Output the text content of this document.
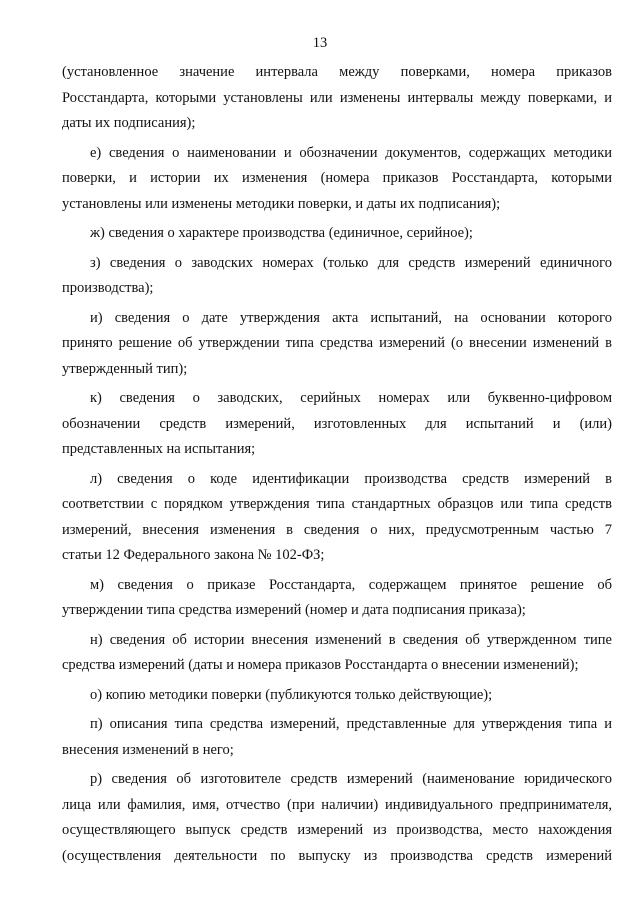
13
(установленное значение интервала между поверками, номера приказов
Росстандарта, которыми установлены или изменены интервалы между поверками, и
даты их подписания);
е) сведения о наименовании и обозначении документов, содержащих методики
поверки, и истории их изменения (номера приказов Росстандарта, которыми
установлены или изменены методики поверки, и даты их подписания);
ж) сведения о характере производства (единичное, серийное);
з) сведения о заводских номерах (только для средств измерений единичного
производства);
и) сведения о дате утверждения акта испытаний, на основании которого
принято решение об утверждении типа средства измерений (о внесении изменений в
утвержденный тип);
к) сведения о заводских, серийных номерах или буквенно-цифровом
обозначении средств измерений, изготовленных для испытаний и (или)
представленных на испытания;
л) сведения о коде идентификации производства средств измерений в
соответствии с порядком утверждения типа стандартных образцов или типа средств
измерений, внесения изменения в сведения о них, предусмотренным частью 7
статьи 12 Федерального закона № 102-ФЗ;
м) сведения о приказе Росстандарта, содержащем принятое решение об
утверждении типа средства измерений (номер и дата подписания приказа);
н) сведения об истории внесения изменений в сведения об утвержденном типе
средства измерений (даты и номера приказов Росстандарта о внесении изменений);
о) копию методики поверки (публикуются только действующие);
п) описания типа средства измерений, представленные для утверждения типа и
внесения изменений в него;
р) сведения об изготовителе средств измерений (наименование юридического
лица или фамилия, имя, отчество (при наличии) индивидуального предпринимателя,
осуществляющего выпуск средств измерений из производства, место нахождения
(осуществления деятельности по выпуску из производства средств измерений
